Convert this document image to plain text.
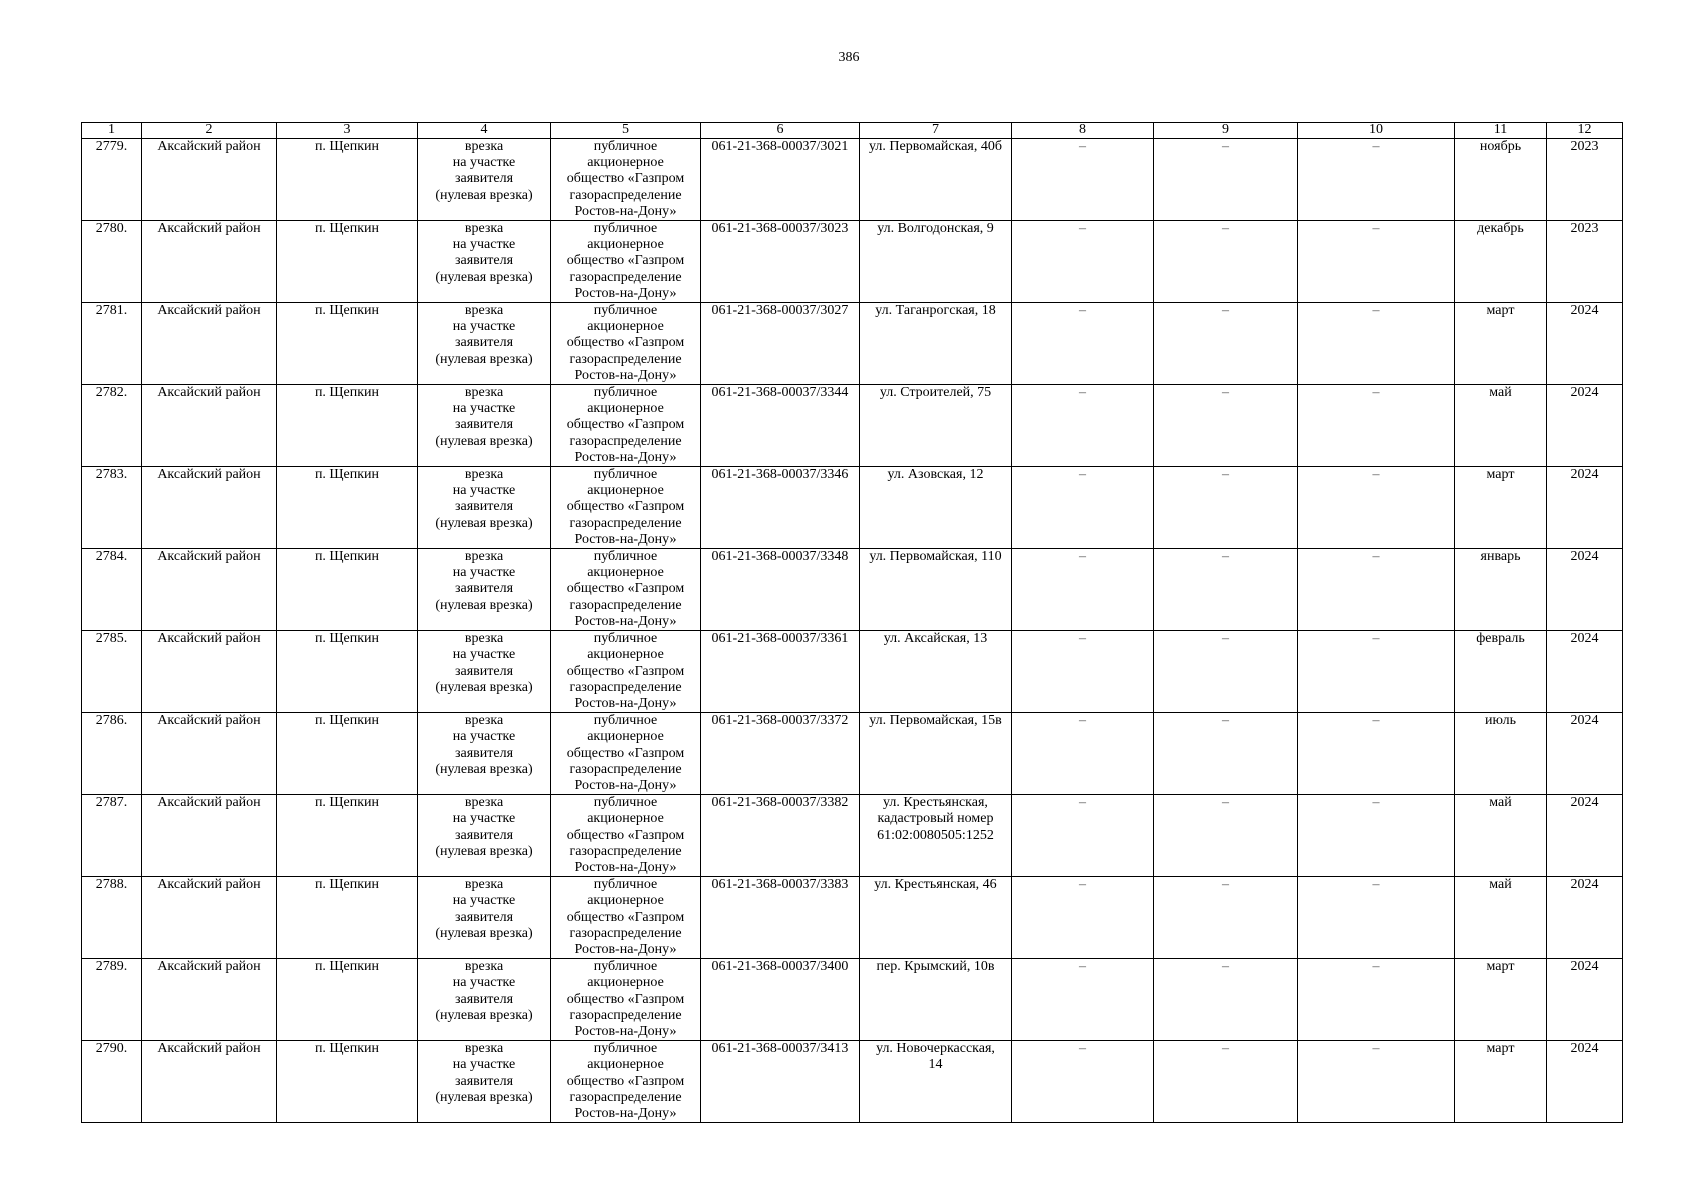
386
1	2	3	4	5	6	7	8	9	10	11	12
2779.	Аксайский район	п. Щепкин	врезка
на участке
заявителя
(нулевая врезка)	публичное
акционерное
общество «Газпром
газораспределение
Ростов-на-Дону»	061-21-368-00037/3021	ул. Первомайская, 40б	–	–	–	ноябрь	2023
2780.	Аксайский район	п. Щепкин	врезка
на участке
заявителя
(нулевая врезка)	публичное
акционерное
общество «Газпром
газораспределение
Ростов-на-Дону»	061-21-368-00037/3023	ул. Волгодонская, 9	–	–	–	декабрь	2023
2781.	Аксайский район	п. Щепкин	врезка
на участке
заявителя
(нулевая врезка)	публичное
акционерное
общество «Газпром
газораспределение
Ростов-на-Дону»	061-21-368-00037/3027	ул. Таганрогская, 18	–	–	–	март	2024
2782.	Аксайский район	п. Щепкин	врезка
на участке
заявителя
(нулевая врезка)	публичное
акционерное
общество «Газпром
газораспределение
Ростов-на-Дону»	061-21-368-00037/3344	ул. Строителей, 75	–	–	–	май	2024
2783.	Аксайский район	п. Щепкин	врезка
на участке
заявителя
(нулевая врезка)	публичное
акционерное
общество «Газпром
газораспределение
Ростов-на-Дону»	061-21-368-00037/3346	ул. Азовская, 12	–	–	–	март	2024
2784.	Аксайский район	п. Щепкин	врезка
на участке
заявителя
(нулевая врезка)	публичное
акционерное
общество «Газпром
газораспределение
Ростов-на-Дону»	061-21-368-00037/3348	ул. Первомайская, 110	–	–	–	январь	2024
2785.	Аксайский район	п. Щепкин	врезка
на участке
заявителя
(нулевая врезка)	публичное
акционерное
общество «Газпром
газораспределение
Ростов-на-Дону»	061-21-368-00037/3361	ул. Аксайская, 13	–	–	–	февраль	2024
2786.	Аксайский район	п. Щепкин	врезка
на участке
заявителя
(нулевая врезка)	публичное
акционерное
общество «Газпром
газораспределение
Ростов-на-Дону»	061-21-368-00037/3372	ул. Первомайская, 15в	–	–	–	июль	2024
2787.	Аксайский район	п. Щепкин	врезка
на участке
заявителя
(нулевая врезка)	публичное
акционерное
общество «Газпром
газораспределение
Ростов-на-Дону»	061-21-368-00037/3382	ул. Крестьянская,
кадастровый номер
61:02:0080505:1252	–	–	–	май	2024
2788.	Аксайский район	п. Щепкин	врезка
на участке
заявителя
(нулевая врезка)	публичное
акционерное
общество «Газпром
газораспределение
Ростов-на-Дону»	061-21-368-00037/3383	ул. Крестьянская, 46	–	–	–	май	2024
2789.	Аксайский район	п. Щепкин	врезка
на участке
заявителя
(нулевая врезка)	публичное
акционерное
общество «Газпром
газораспределение
Ростов-на-Дону»	061-21-368-00037/3400	пер. Крымский, 10в	–	–	–	март	2024
2790.	Аксайский район	п. Щепкин	врезка
на участке
заявителя
(нулевая врезка)	публичное
акционерное
общество «Газпром
газораспределение
Ростов-на-Дону»	061-21-368-00037/3413	ул. Новочеркасская,
14	–	–	–	март	2024
